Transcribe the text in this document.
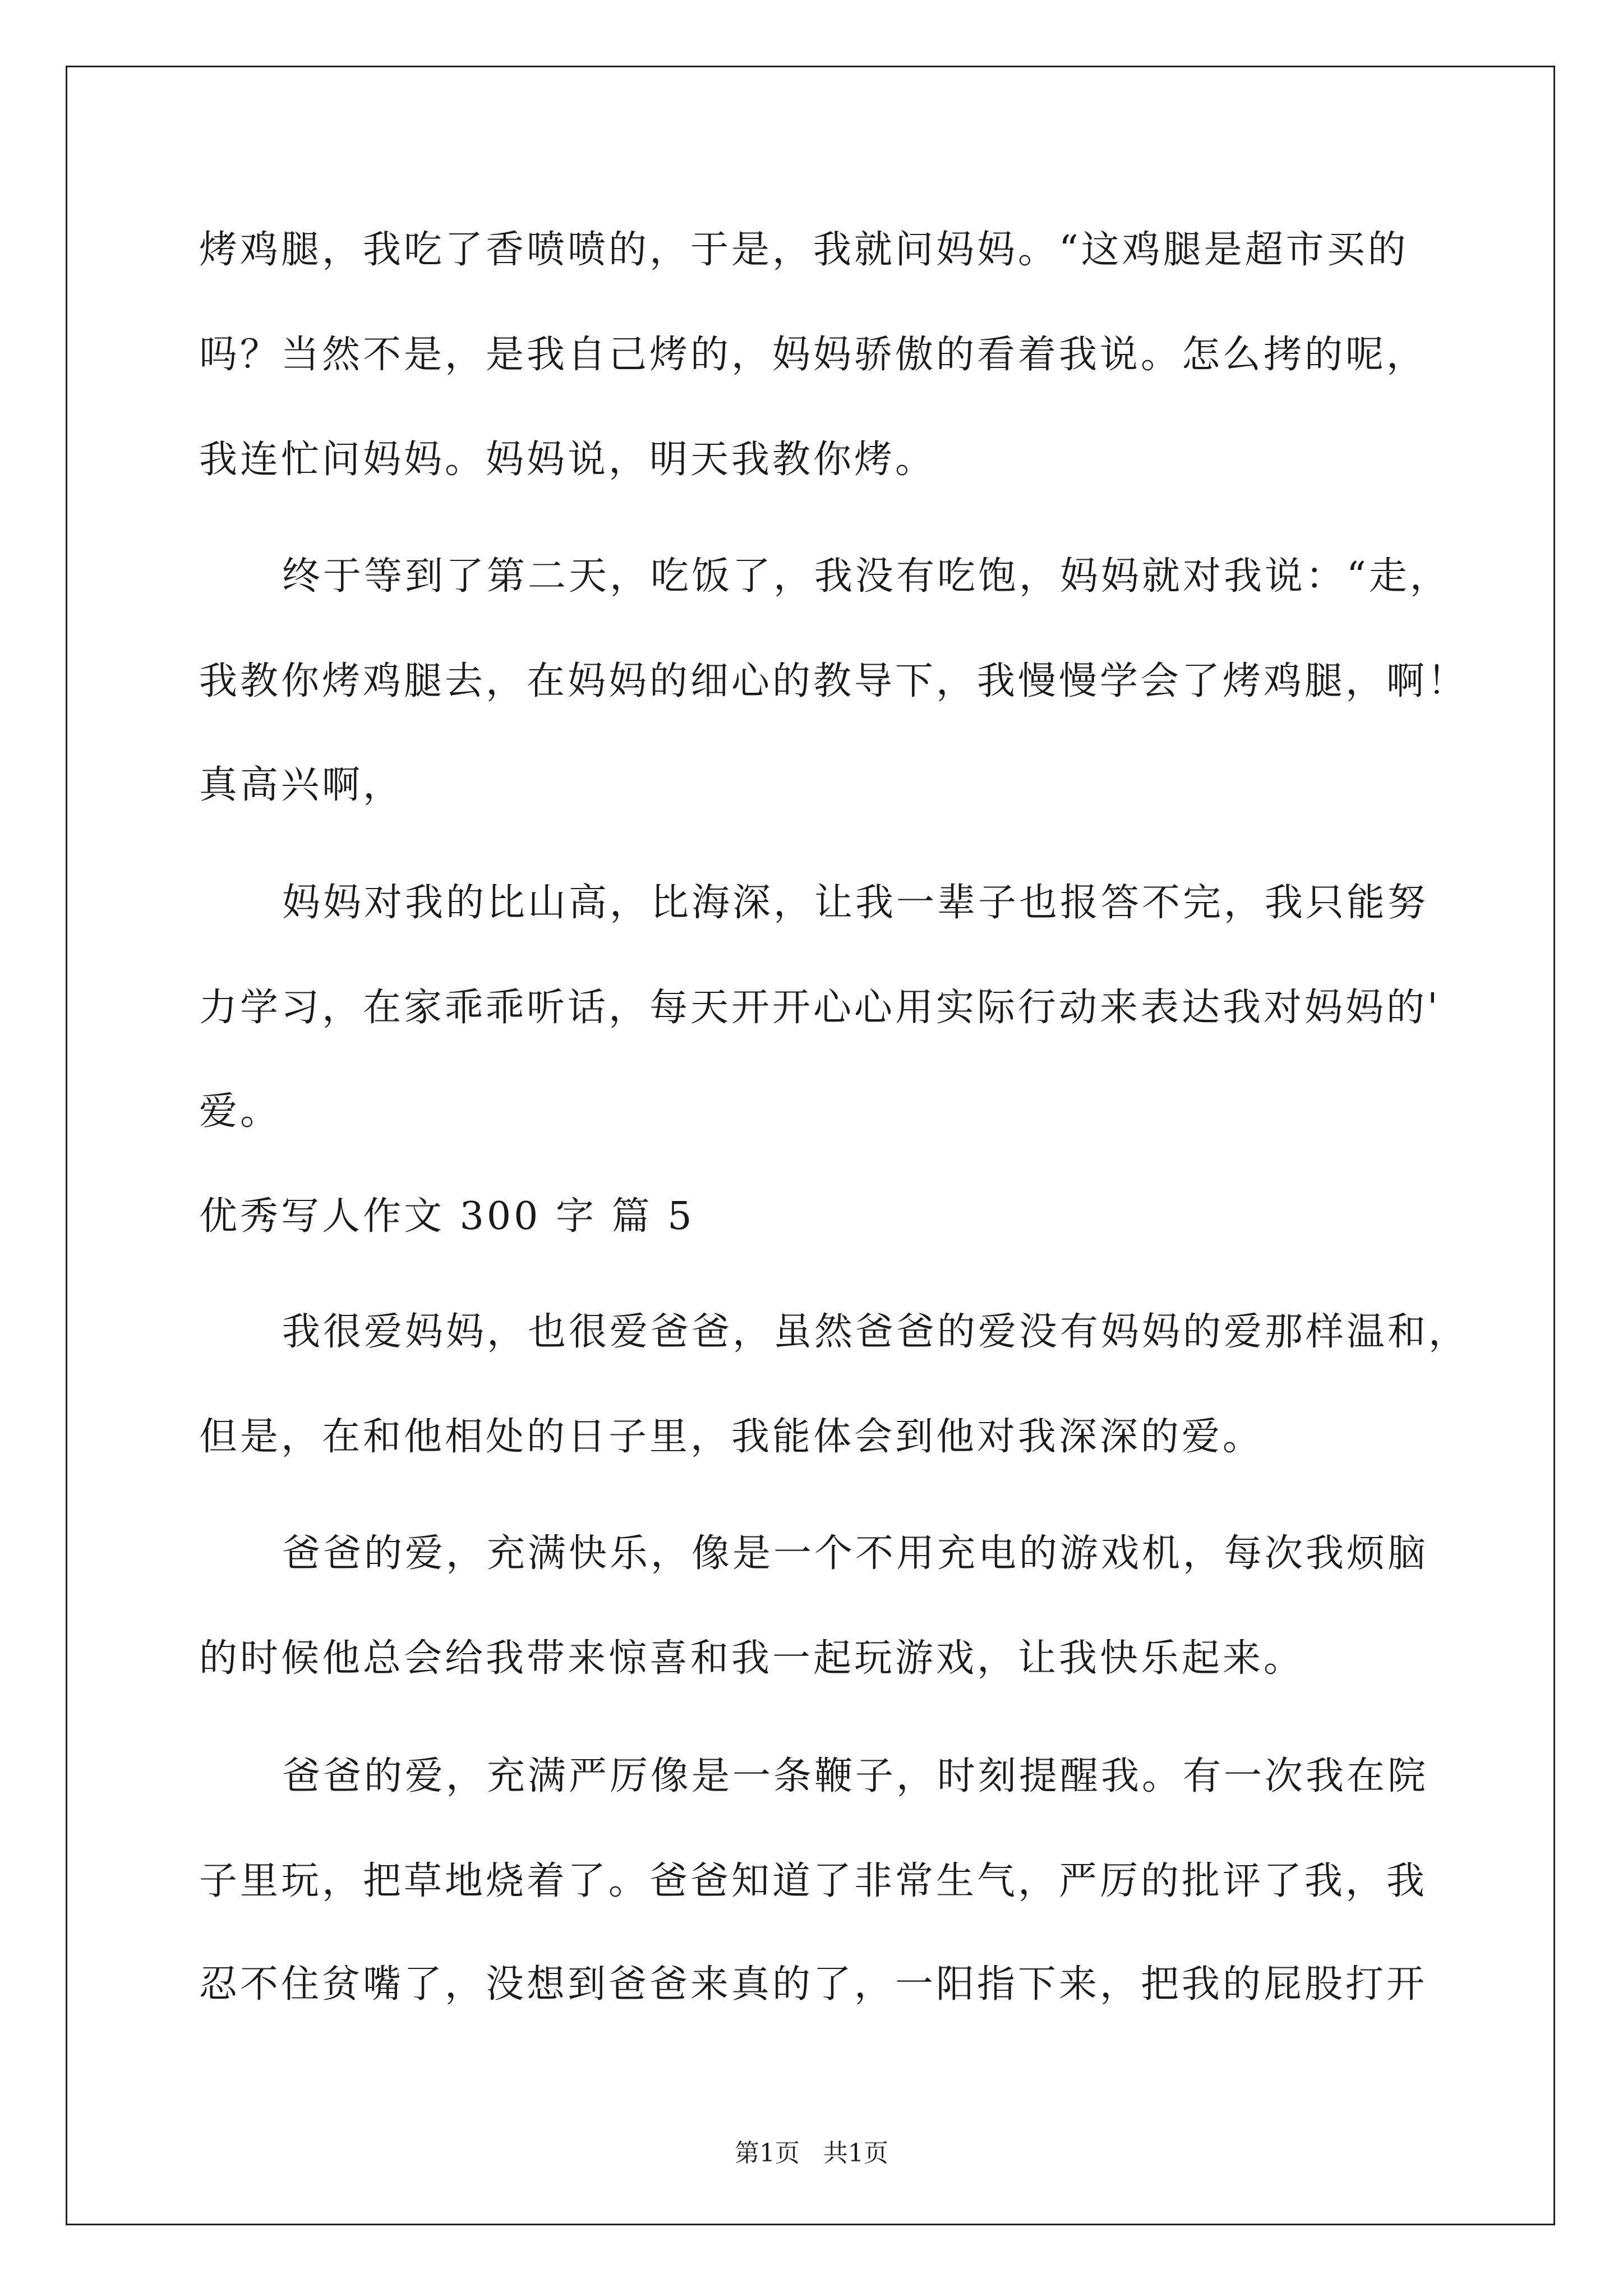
烤鸡腿，我吃了香喷喷的，于是，我就问妈妈。“这鸡腿是超市买的
吗？当然不是，是我自己烤的，妈妈骄傲的看着我说。怎么拷的呢，
我连忙问妈妈。妈妈说，明天我教你烤。
终于等到了第二天，吃饭了，我没有吃饱，妈妈就对我说：“走，
我教你烤鸡腿去，在妈妈的细心的教导下，我慢慢学会了烤鸡腿，啊！
真高兴啊，
妈妈对我的比山高，比海深，让我一辈子也报答不完，我只能努
力学习，在家乖乖听话，每天开开心心用实际行动来表达我对妈妈的'
爱。
优秀写人作文 300 字 篇 5
我很爱妈妈，也很爱爸爸，虽然爸爸的爱没有妈妈的爱那样温和，
但是，在和他相处的日子里，我能体会到他对我深深的爱。
爸爸的爱，充满快乐，像是一个不用充电的游戏机，每次我烦脑
的时候他总会给我带来惊喜和我一起玩游戏，让我快乐起来。
爸爸的爱，充满严厉像是一条鞭子，时刻提醒我。有一次我在院
子里玩，把草地烧着了。爸爸知道了非常生气，严厉的批评了我，我
忍不住贫嘴了，没想到爸爸来真的了，一阳指下来，把我的屁股打开
第1页   共1页
